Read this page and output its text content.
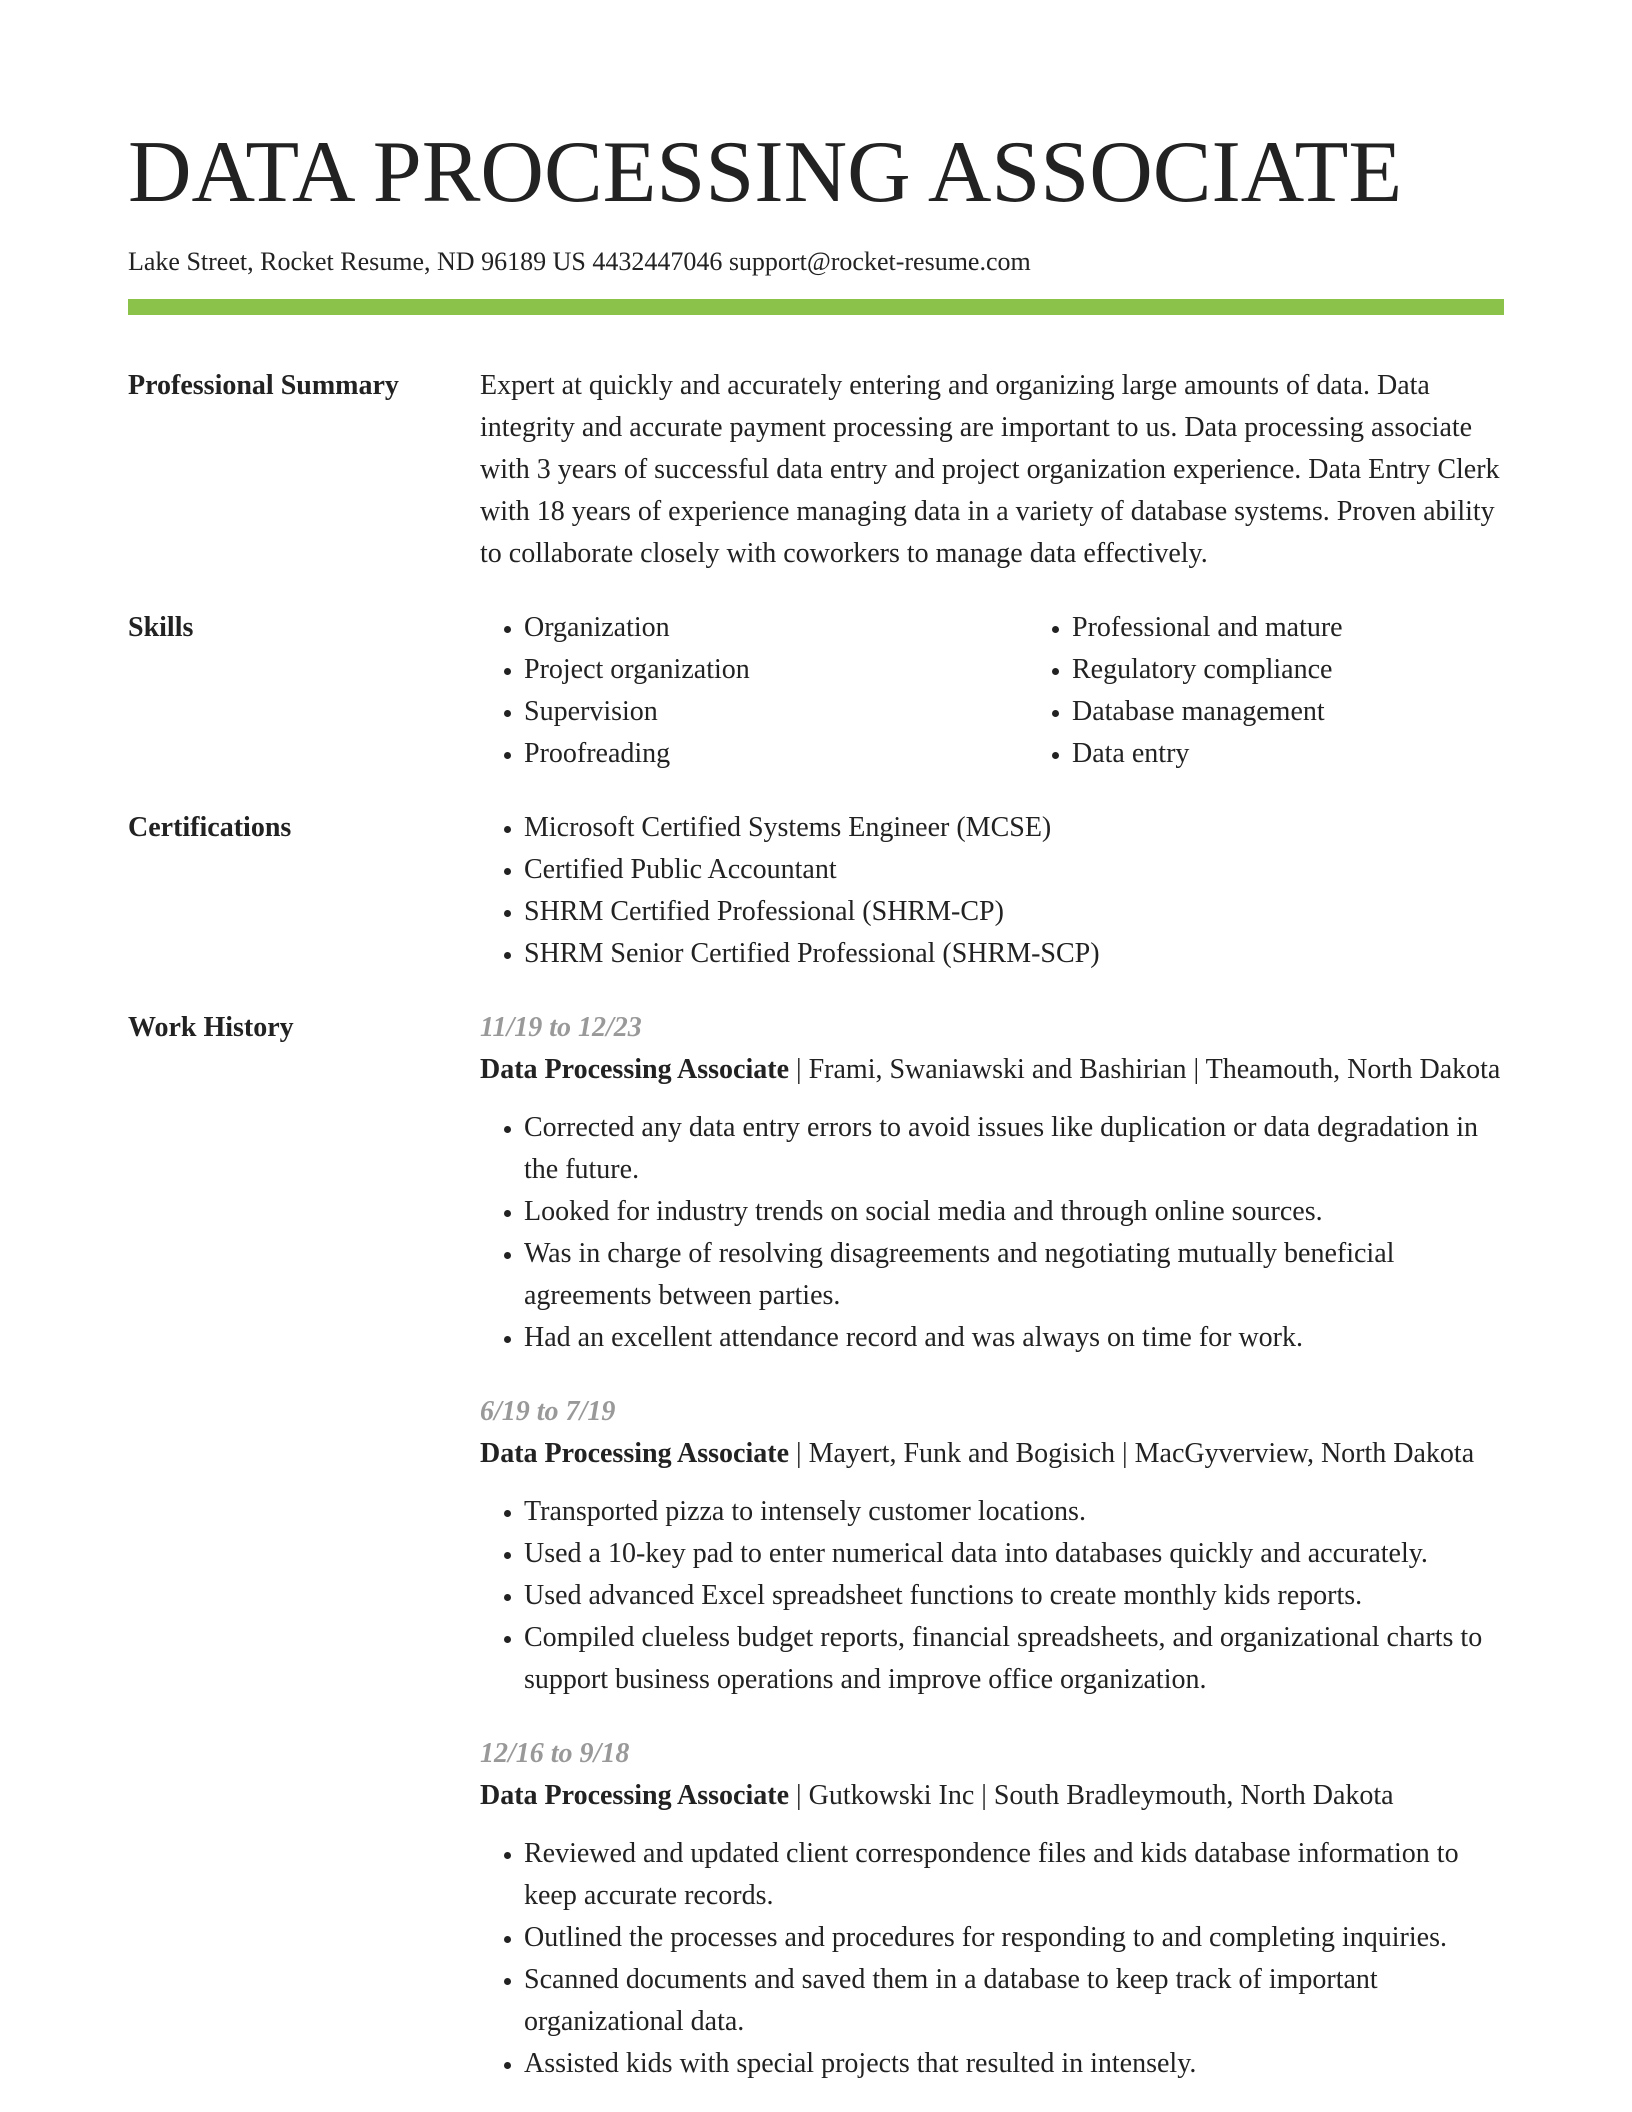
DATA PROCESSING ASSOCIATE
Lake Street, Rocket Resume, ND 96189 US 4432447046 support@rocket-resume.com
Professional Summary	Expert at quickly and accurately entering and organizing large amounts of data. Data integrity and accurate payment processing are important to us. Data processing associate with 3 years of successful data entry and project organization experience. Data Entry Clerk with 18 years of experience managing data in a variety of database systems. Proven ability to collaborate closely with coworkers to manage data effectively.
Skills	• Organization
• Project organization
• Supervision
• Proofreading
• Professional and mature
• Regulatory compliance
• Database management
• Data entry
Certifications	• Microsoft Certified Systems Engineer (MCSE)
• Certified Public Accountant
• SHRM Certified Professional (SHRM-CP)
• SHRM Senior Certified Professional (SHRM-SCP)
Work History	11/19 to 12/23
Data Processing Associate | Frami, Swaniawski and Bashirian | Theamouth, North Dakota
• Corrected any data entry errors to avoid issues like duplication or data degradation in the future.
• Looked for industry trends on social media and through online sources.
• Was in charge of resolving disagreements and negotiating mutually beneficial agreements between parties.
• Had an excellent attendance record and was always on time for work.
6/19 to 7/19
Data Processing Associate | Mayert, Funk and Bogisich | MacGyverview, North Dakota
• Transported pizza to intensely customer locations.
• Used a 10-key pad to enter numerical data into databases quickly and accurately.
• Used advanced Excel spreadsheet functions to create monthly kids reports.
• Compiled clueless budget reports, financial spreadsheets, and organizational charts to support business operations and improve office organization.
12/16 to 9/18
Data Processing Associate | Gutkowski Inc | South Bradleymouth, North Dakota
• Reviewed and updated client correspondence files and kids database information to keep accurate records.
• Outlined the processes and procedures for responding to and completing inquiries.
• Scanned documents and saved them in a database to keep track of important organizational data.
• Assisted kids with special projects that resulted in intensely.
